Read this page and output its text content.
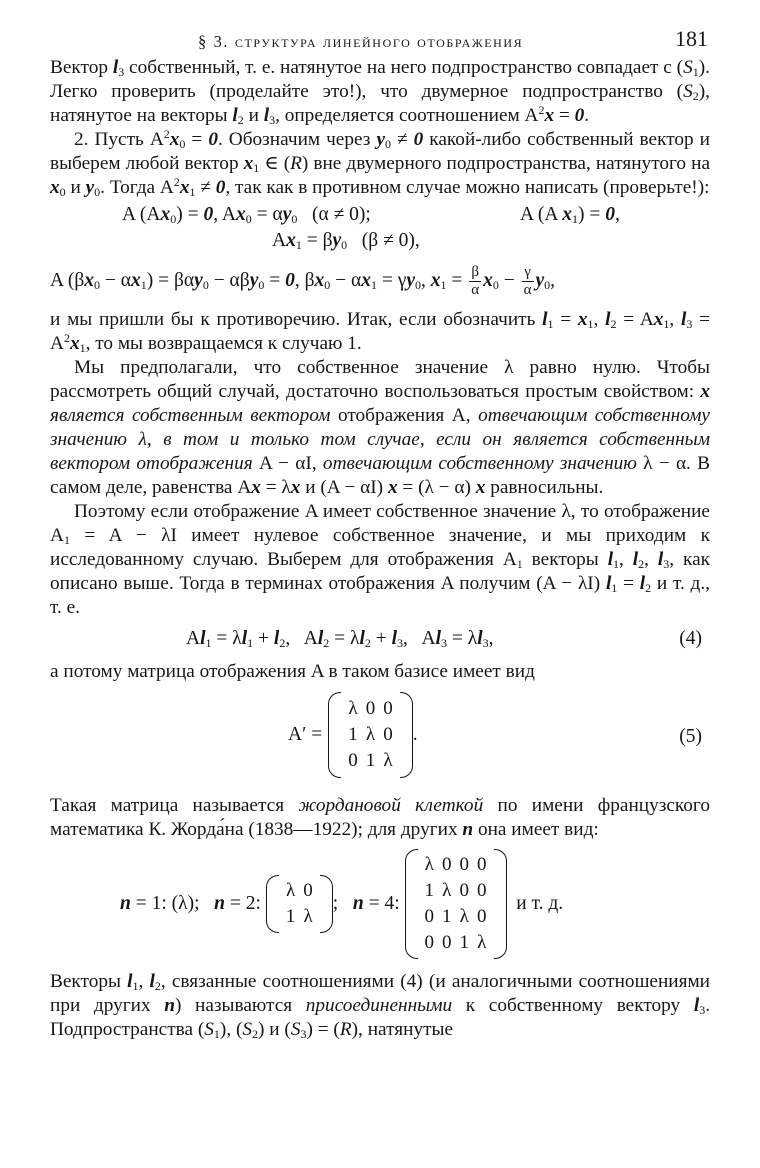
§ 3. структура линейного отображения	181

Вектор $l_3$ собственный, т. е. натянутое на него подпространство совпадает с $(S_1)$. Легко проверить (проделайте это!), что двумерное подпространство $(S_2)$, натянутое на векторы $l_2$ и $l_3$, определяется соотношением $A^2x = 0$.

2. Пусть $A^2x_0 = 0$. Обозначим через $y_0 \ne 0$ какой-либо собственный вектор и выберем любой вектор $x_1$ ∈ (R) вне двумерного подпространства, натянутого на $x_0$ и $y_0$. Тогда $A^2x_1 \ne 0$, так как в противном случае можно написать (проверьте!):

A $(Ax_0) = 0$, $Ax_0 = \alpha y_0$   (α ≠ 0);	A (A $x_1) = 0$,
$Ax_1 = \beta y_0$   (β ≠ 0),
A $(\beta x_0 - \alpha x_1) = \beta\alpha y_0 - \alpha\beta y_0 = 0$, $\beta x_0 - \alpha x_1 = \gamma y_0$, $x_1 = \frac{\beta}{\alpha} x_0 - \frac{\gamma}{\alpha} y_0$,

и мы пришли бы к противоречию. Итак, если обозначить $l_1 = x_1$, $l_2 = Ax_1$, $l_3 = A^2x_1$, то мы возвращаемся к случаю 1.

Мы предполагали, что собственное значение λ равно нулю. Чтобы рассмотреть общий случай, достаточно воспользоваться простым свойством: x является собственным вектором отображения A, отвечающим собственному значению λ, в том и только том случае, если он является собственным вектором отображения A − αI, отвечающим собственному значению λ − α. В самом деле, равенства Ax = λx и (A − αI) x = (λ − α) x равносильны.

Поэтому если отображение A имеет собственное значение λ, то отображение $A_1 = A - \lambda I$ имеет нулевое собственное значение, и мы приходим к исследованному случаю. Выберем для отображения $A_1$ векторы $l_1$, $l_2$, $l_3$, как описано выше. Тогда в терминах отображения A получим (A − λI) $l_1 = l_2$ и т. д., т. е.

$Al_1 = \lambda l_1 + l_2$,   $Al_2 = \lambda l_2 + l_3$,   $Al_3 = \lambda l_3$,	(4)

а потому матрица отображения A в таком базисе имеет вид

A′ =
λ 0 0
1 λ 0
0 1 λ
.	(5)

Такая матрица называется жордановой клеткой по имени французского математика К. Жорда́на (1838—1922); для других n она имеет вид:

n = 1: (λ); n = 2:
λ 0
1 λ
; n = 4:
λ 0 0 0
1 λ 0 0
0 1 λ 0
0 0 1 λ
и т. д.

Векторы $l_1$, $l_2$, связанные соотношениями (4) (и аналогичными соотношениями при других n) называются присоединенными к собственному вектору $l_3$. Подпространства $(S_1)$, $(S_2)$ и $(S_3) = (R)$, натянутые
